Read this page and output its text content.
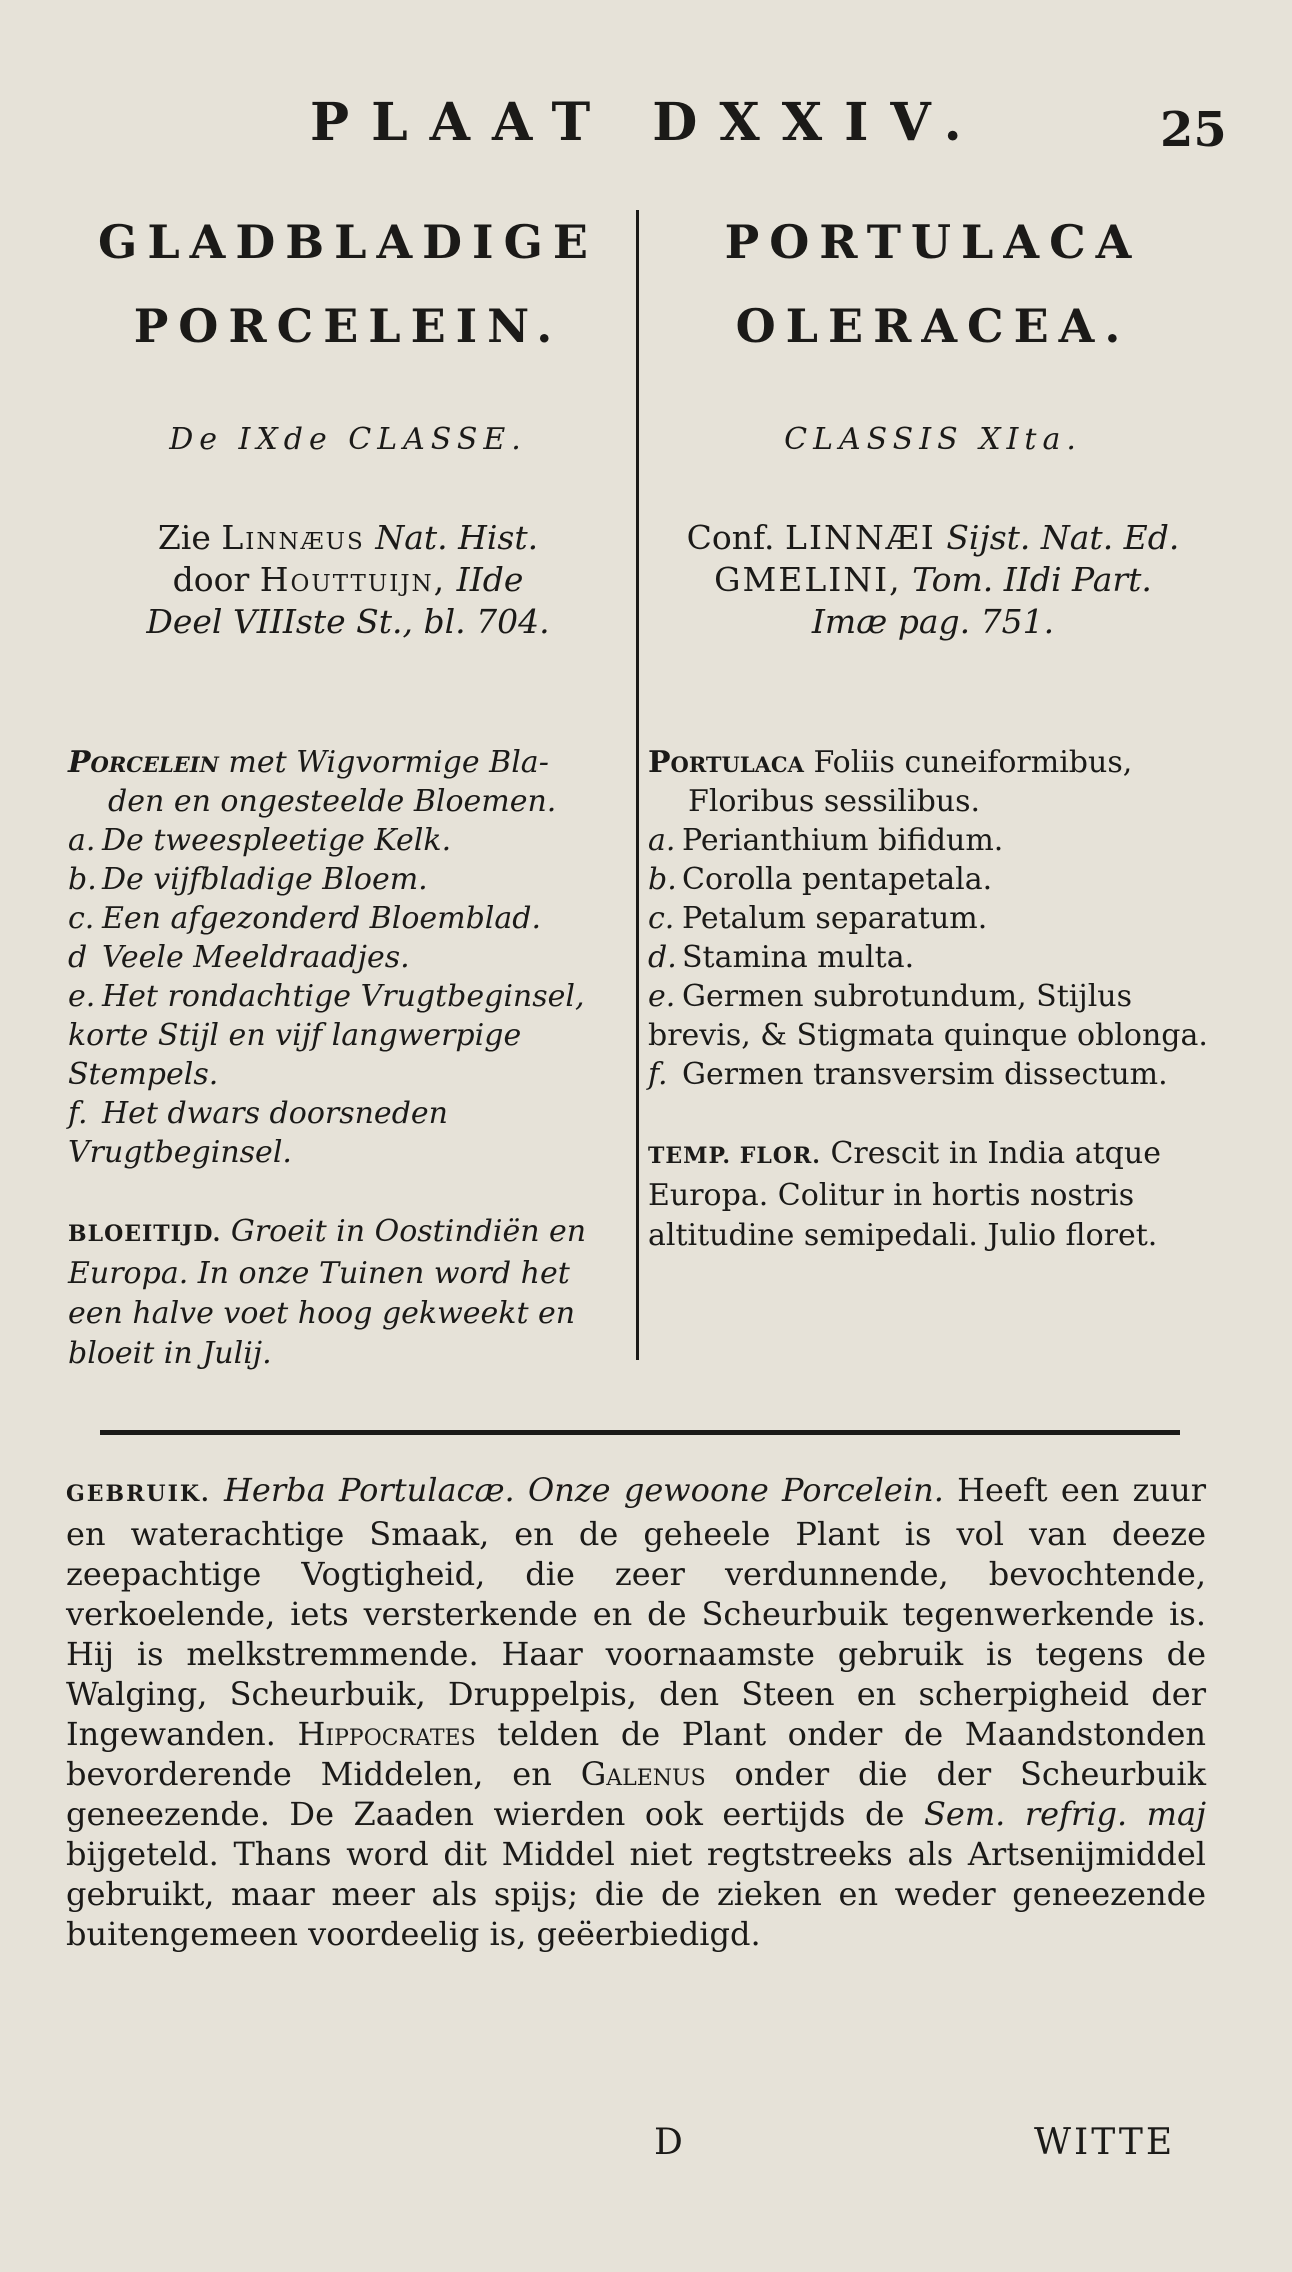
PLAAT DXXIV.	25
GLADBLADIGE
PORCELEIN.
De IXde CLASSE.
Zie Linnæus Nat. Hist.
door Houttuijn, IIde
Deel VIIIste St., bl. 704.
Porcelein met Wigvormige Bla-
den en ongesteelde Bloemen.
a. De tweespleetige Kelk.
b. De vijfbladige Bloem.
c. Een afgezonderd Bloemblad.
d Veele Meeldraadjes.
e. Het rondachtige Vrugtbeginsel, korte Stijl en vijf langwerpige Stempels.
f. Het dwars doorsneden Vrugtbeginsel.
BLOEITIJD. Groeit in Oostindiën en Europa. In onze Tuinen word het een halve voet hoog gekweekt en bloeit in Julij.
PORTULACA
OLERACEA.
CLASSIS XIta.
Conf. LINNÆI Sijst. Nat. Ed.
GMELINI, Tom. IIdi Part.
Imæ pag. 751.
Portulaca Foliis cuneiformibus,
Floribus sessilibus.
a. Perianthium bifidum.
b. Corolla pentapetala.
c. Petalum separatum.
d. Stamina multa.
e. Germen subrotundum, Stijlus brevis, & Stigmata quinque oblonga.
f. Germen transversim dissectum.
TEMP. FLOR. Crescit in India atque Europa. Colitur in hortis nostris altitudine semipedali. Julio floret.
GEBRUIK. Herba Portulacæ. Onze gewoone Porcelein. Heeft een zuur en waterachtige Smaak, en de geheele Plant is vol van deeze zeepachtige Vogtigheid, die zeer verdunnende, bevochtende, verkoelende, iets versterkende en de Scheurbuik tegenwerkende is. Hij is melkstremmende. Haar voornaamste gebruik is tegens de Walging, Scheurbuik, Druppelpis, den Steen en scherpigheid der Ingewanden. Hippocrates telden de Plant onder de Maandstonden bevorderende Middelen, en Galenus onder die der Scheurbuik geneezende. De Zaaden wierden ook eertijds de Sem. refrig. maj bijgeteld. Thans word dit Middel niet regtstreeks als Artsenijmiddel gebruikt, maar meer als spijs; die de zieken en weder geneezende buitengemeen voordeelig is, geëerbiedigd.
D	WITTE
